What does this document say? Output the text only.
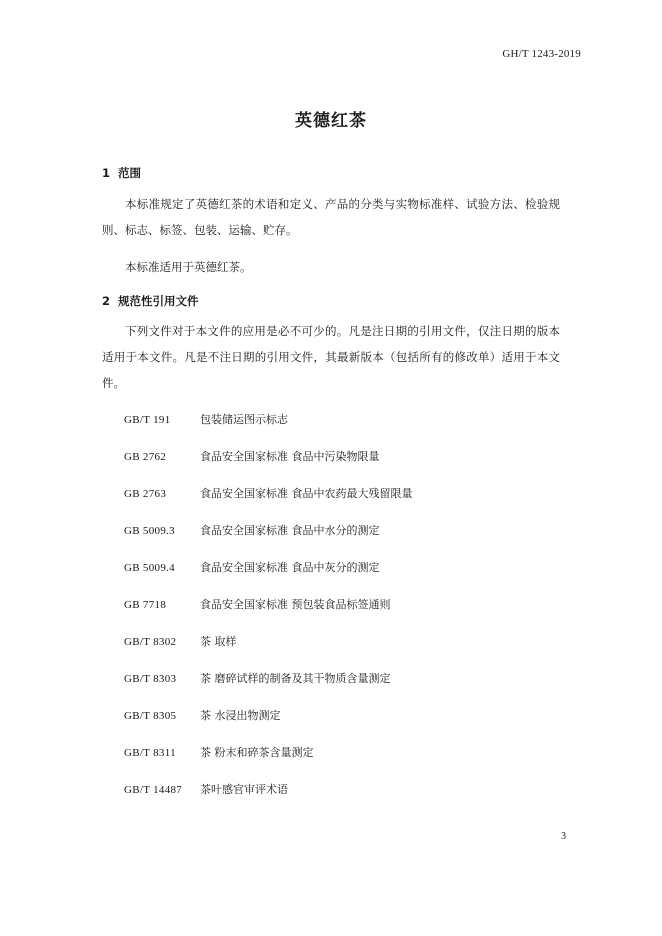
GH/T 1243-2019
英德红茶
1 范围
本标准规定了英德红茶的术语和定义、产品的分类与实物标准样、试验方法、检验规则、标志、标签、包装、运输、贮存。
本标准适用于英德红茶。
2 规范性引用文件
下列文件对于本文件的应用是必不可少的。凡是注日期的引用文件，仅注日期的版本适用于本文件。凡是不注日期的引用文件，其最新版本（包括所有的修改单）适用于本文件。
GB/T 191	包装储运图示标志
GB 2762	食品安全国家标准 食品中污染物限量
GB 2763	食品安全国家标准 食品中农药最大残留限量
GB 5009.3 食品安全国家标准 食品中水分的测定
GB 5009.4 食品安全国家标准 食品中灰分的测定
GB 7718	食品安全国家标准 预包装食品标签通则
GB/T 8302 茶 取样
GB/T 8303 茶 磨碎试样的制备及其干物质含量测定
GB/T 8305 茶 水浸出物测定
GB/T 8311 茶 粉末和碎茶含量测定
GB/T 14487 茶叶感官审评术语
3
